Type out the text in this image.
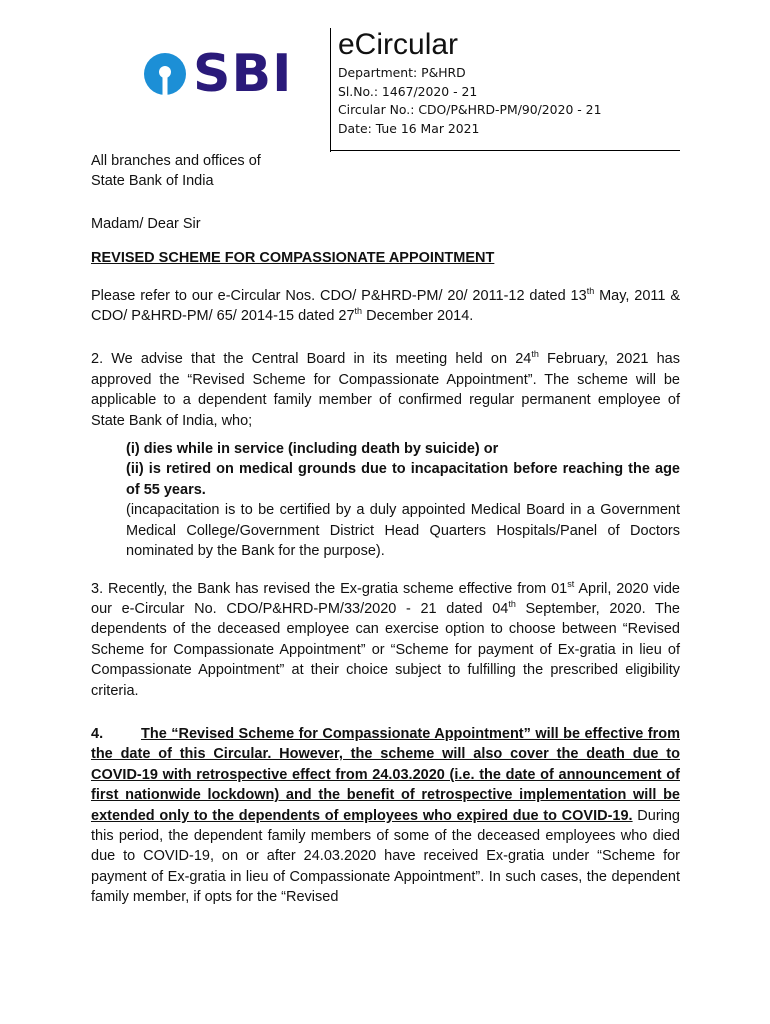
SBI eCircular
Department: P&HRD
Sl.No.: 1467/2020 - 21
Circular No.: CDO/P&HRD-PM/90/2020 - 21
Date: Tue 16 Mar 2021
All branches and offices of
State Bank of India
Madam/ Dear Sir
REVISED SCHEME FOR COMPASSIONATE APPOINTMENT

Please refer to our e-Circular Nos. CDO/ P&HRD-PM/ 20/ 2011-12 dated 13th May, 2011 & CDO/ P&HRD-PM/ 65/ 2014-15 dated 27th December 2014.

2. We advise that the Central Board in its meeting held on 24th February, 2021 has approved the “Revised Scheme for Compassionate Appointment”. The scheme will be applicable to a dependent family member of confirmed regular permanent employee of State Bank of India, who;

(i) dies while in service (including death by suicide) or

(ii) is retired on medical grounds due to incapacitation before reaching the age of 55 years.

(incapacitation is to be certified by a duly appointed Medical Board in a Government Medical College/Government District Head Quarters Hospitals/Panel of Doctors nominated by the Bank for the purpose).

3. Recently, the Bank has revised the Ex-gratia scheme effective from 01st April, 2020 vide our e-Circular No. CDO/P&HRD-PM/33/2020 - 21 dated 04th September, 2020. The dependents of the deceased employee can exercise option to choose between “Revised Scheme for Compassionate Appointment” or “Scheme for payment of Ex-gratia in lieu of Compassionate Appointment” at their choice subject to fulfilling the prescribed eligibility criteria.

4.	The “Revised Scheme for Compassionate Appointment” will be effective from the date of this Circular. However, the scheme will also cover the death due to COVID-19 with retrospective effect from 24.03.2020 (i.e. the date of announcement of first nationwide lockdown) and the benefit of retrospective implementation will be extended only to the dependents of employees who expired due to COVID-19. During this period, the dependent family members of some of the deceased employees who died due to COVID-19, on or after 24.03.2020 have received Ex-gratia under “Scheme for payment of Ex-gratia in lieu of Compassionate Appointment”. In such cases, the dependent family member, if opts for the “Revised
